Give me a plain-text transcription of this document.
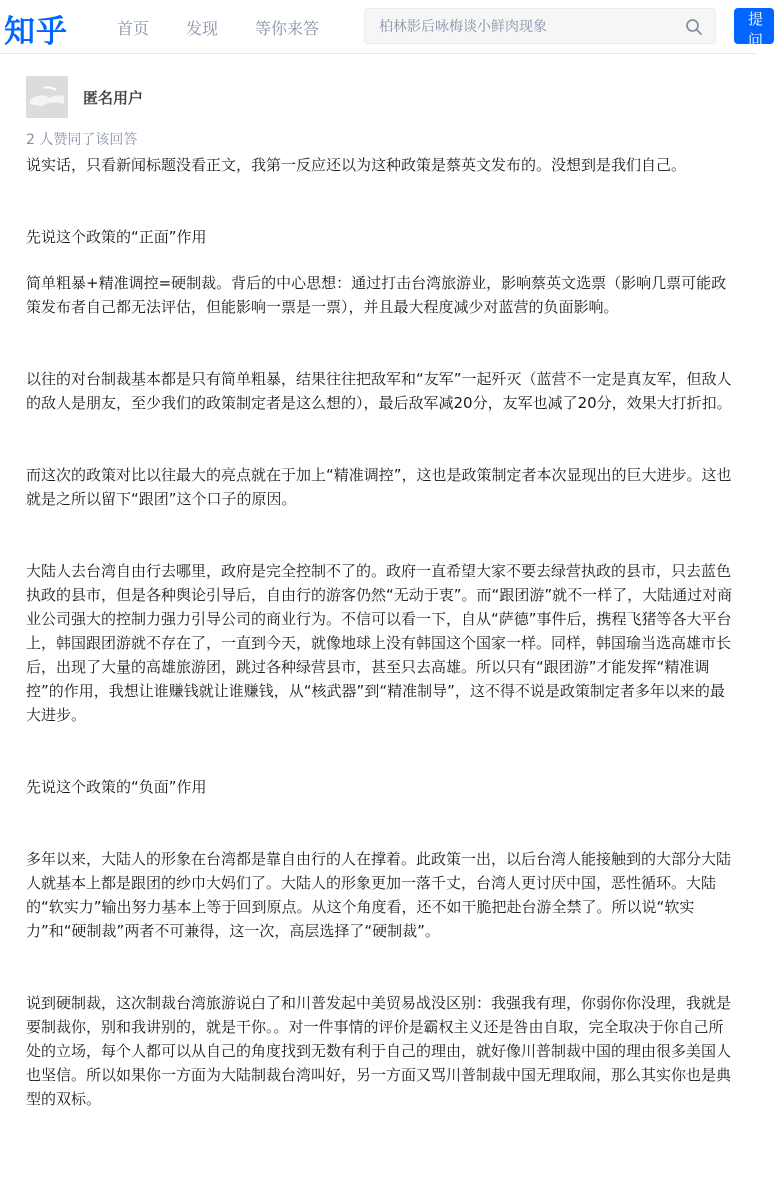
知乎	首页 发现 等你来答
柏林影后咏梅谈小鲜肉现象	提问
匿名用户
2 人赞同了该回答

说实话，只看新闻标题没看正文，我第一反应还以为这种政策是蔡英文发布的。没想到是我们自己。

先说这个政策的“正面”作用

简单粗暴+精准调控=硬制裁。背后的中心思想：通过打击台湾旅游业，影响蔡英文选票（影响几票可能政策发布者自己都无法评估，但能影响一票是一票），并且最大程度减少对蓝营的负面影响。

以往的对台制裁基本都是只有简单粗暴，结果往往把敌军和“友军”一起歼灭（蓝营不一定是真友军，但敌人的敌人是朋友，至少我们的政策制定者是这么想的），最后敌军减20分，友军也减了20分，效果大打折扣。

而这次的政策对比以往最大的亮点就在于加上“精准调控”，这也是政策制定者本次显现出的巨大进步。这也就是之所以留下“跟团”这个口子的原因。

大陆人去台湾自由行去哪里，政府是完全控制不了的。政府一直希望大家不要去绿营执政的县市，只去蓝色执政的县市，但是各种舆论引导后，自由行的游客仍然“无动于衷”。而“跟团游”就不一样了，大陆通过对商业公司强大的控制力强力引导公司的商业行为。不信可以看一下，自从“萨德”事件后，携程飞猪等各大平台上，韩国跟团游就不存在了，一直到今天，就像地球上没有韩国这个国家一样。同样，韩国瑜当选高雄市长后，出现了大量的高雄旅游团，跳过各种绿营县市，甚至只去高雄。所以只有“跟团游”才能发挥“精准调控”的作用，我想让谁赚钱就让谁赚钱，从“核武器”到“精准制导”，这不得不说是政策制定者多年以来的最大进步。

先说这个政策的“负面”作用

多年以来，大陆人的形象在台湾都是靠自由行的人在撑着。此政策一出，以后台湾人能接触到的大部分大陆人就基本上都是跟团的纱巾大妈们了。大陆人的形象更加一落千丈，台湾人更讨厌中国，恶性循环。大陆的“软实力”输出努力基本上等于回到原点。从这个角度看，还不如干脆把赴台游全禁了。所以说“软实力”和“硬制裁”两者不可兼得，这一次，高层选择了“硬制裁”。

说到硬制裁，这次制裁台湾旅游说白了和川普发起中美贸易战没区别：我强我有理，你弱你你没理，我就是要制裁你，别和我讲别的，就是干你。。对一件事情的评价是霸权主义还是咎由自取，完全取决于你自己所处的立场，每个人都可以从自己的角度找到无数有利于自己的理由，就好像川普制裁中国的理由很多美国人也坚信。所以如果你一方面为大陆制裁台湾叫好，另一方面又骂川普制裁中国无理取闹，那么其实你也是典型的双标。
